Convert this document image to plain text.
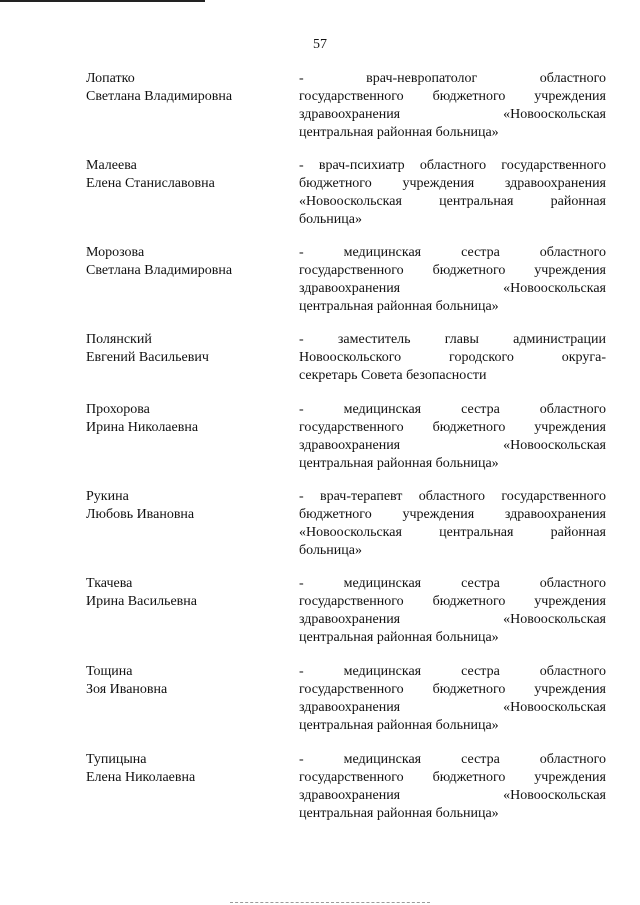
57
Лопатко
Светлана Владимировна
- врач-невропатолог областного
государственного бюджетного учреждения
здравоохранения «Новооскольская
центральная районная больница»
Малеева
Елена Станиславовна
- врач-психиатр областного государственного
бюджетного учреждения здравоохранения
«Новооскольская центральная районная
больница»
Морозова
Светлана Владимировна
- медицинская сестра областного
государственного бюджетного учреждения
здравоохранения «Новооскольская
центральная районная больница»
Полянский
Евгений Васильевич
- заместитель главы администрации
Новооскольского городского округа-
секретарь Совета безопасности
Прохорова
Ирина Николаевна
- медицинская сестра областного
государственного бюджетного учреждения
здравоохранения «Новооскольская
центральная районная больница»
Рукина
Любовь Ивановна
- врач-терапевт областного государственного
бюджетного учреждения здравоохранения
«Новооскольская центральная районная
больница»
Ткачева
Ирина Васильевна
- медицинская сестра областного
государственного бюджетного учреждения
здравоохранения «Новооскольская
центральная районная больница»
Тощина
Зоя Ивановна
- медицинская сестра областного
государственного бюджетного учреждения
здравоохранения «Новооскольская
центральная районная больница»
Тупицына
Елена Николаевна
- медицинская сестра областного
государственного бюджетного учреждения
здравоохранения «Новооскольская
центральная районная больница»
